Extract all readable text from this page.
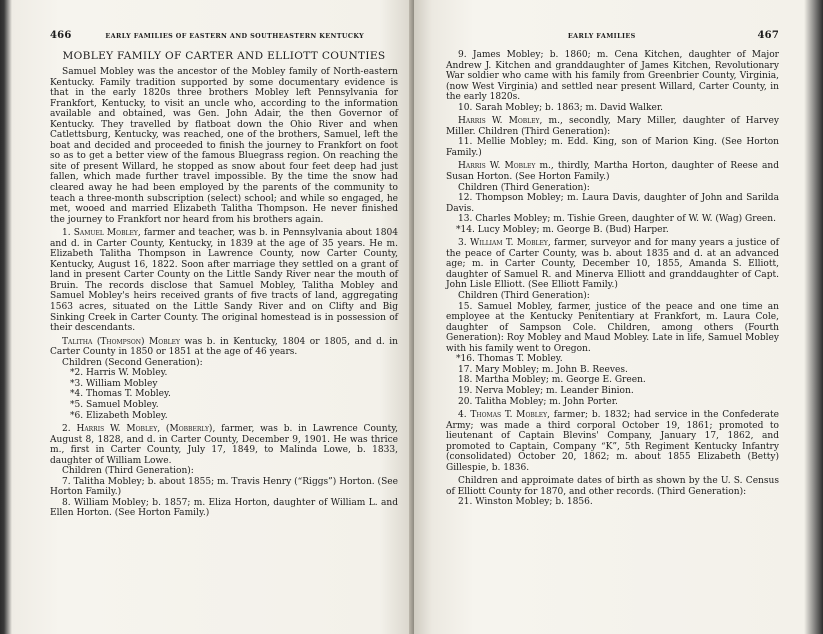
466	EARLY FAMILIES OF EASTERN AND SOUTHEASTERN KENTUCKY
MOBLEY FAMILY OF CARTER AND ELLIOTT COUNTIES

Samuel Mobley was the ancestor of the Mobley family of North-eastern Kentucky. Family tradition supported by some documentary evidence is that in the early 1820s three brothers Mobley left Pennsylvania for Frankfort, Kentucky, to visit an uncle who, according to the information available and obtained, was Gen. John Adair, the then Governor of Kentucky. They travelled by flatboat down the Ohio River and when Catlettsburg, Kentucky, was reached, one of the brothers, Samuel, left the boat and decided and proceeded to finish the journey to Frankfort on foot so as to get a better view of the famous Bluegrass region. On reaching the site of present Willard, he stopped as snow about four feet deep had just fallen, which made further travel impossible. By the time the snow had cleared away he had been employed by the parents of the community to teach a three-month subscription (select) school; and while so engaged, he met, wooed and married Elizabeth Talitha Thompson. He never finished the journey to Frankfort nor heard from his brothers again.

1. Samuel Mobley, farmer and teacher, was b. in Pennsylvania about 1804 and d. in Carter County, Kentucky, in 1839 at the age of 35 years. He m. Elizabeth Talitha Thompson in Lawrence County, now Carter County, Kentucky, August 16, 1822. Soon after marriage they settled on a grant of land in present Carter County on the Little Sandy River near the mouth of Bruin. The records disclose that Samuel Mobley, Talitha Mobley and Samuel Mobley's heirs received grants of five tracts of land, aggregating 1563 acres, situated on the Little Sandy River and on Clifty and Big Sinking Creek in Carter County. The original homestead is in possession of their descendants.

Talitha (Thompson) Mobley was b. in Kentucky, 1804 or 1805, and d. in Carter County in 1850 or 1851 at the age of 46 years.

Children (Second Generation):
*2. Harris W. Mobley.
*3. William Mobley
*4. Thomas T. Mobley.
*5. Samuel Mobley.
*6. Elizabeth Mobley.

2. Harris W. Mobley, (Mobberly), farmer, was b. in Lawrence County, August 8, 1828, and d. in Carter County, December 9, 1901. He was thrice m., first in Carter County, July 17, 1849, to Malinda Lowe, b. 1833, daughter of William Lowe.

Children (Third Generation):

7. Talitha Mobley; b. about 1855; m. Travis Henry (“Riggs”) Horton. (See Horton Family.)

8. William Mobley; b. 1857; m. Eliza Horton, daughter of William L. and Ellen Horton. (See Horton Family.)

EARLY FAMILIES	467

9. James Mobley; b. 1860; m. Cena Kitchen, daughter of Major Andrew J. Kitchen and granddaughter of James Kitchen, Revolutionary War soldier who came with his family from Greenbrier County, Virginia, (now West Virginia) and settled near present Willard, Carter County, in the early 1820s.

10. Sarah Mobley; b. 1863; m. David Walker.

Harris W. Mobley, m., secondly, Mary Miller, daughter of Harvey Miller. Children (Third Generation):

11. Mellie Mobley; m. Edd. King, son of Marion King. (See Horton Family.)

Harris W. Mobley m., thirdly, Martha Horton, daughter of Reese and Susan Horton. (See Horton Family.)

Children (Third Generation):

12. Thompson Mobley; m. Laura Davis, daughter of John and Sarilda Davis.

13. Charles Mobley; m. Tishie Green, daughter of W. W. (Wag) Green.

*14. Lucy Mobley; m. George B. (Bud) Harper.

3. William T. Mobley, farmer, surveyor and for many years a justice of the peace of Carter County, was b. about 1835 and d. at an advanced age; m. in Carter County, December 10, 1855, Amanda S. Elliott, daughter of Samuel R. and Minerva Elliott and granddaughter of Capt. John Lisle Elliott. (See Elliott Family.)

Children (Third Generation):

15. Samuel Mobley, farmer, justice of the peace and one time an employee at the Kentucky Penitentiary at Frankfort, m. Laura Cole, daughter of Sampson Cole. Children, among others (Fourth Generation): Roy Mobley and Maud Mobley. Late in life, Samuel Mobley with his family went to Oregon.

*16. Thomas T. Mobley.
17. Mary Mobley; m. John B. Reeves.
18. Martha Mobley; m. George E. Green.
19. Nerva Mobley; m. Leander Binion.
20. Talitha Mobley; m. John Porter.

4. Thomas T. Mobley, farmer; b. 1832; had service in the Confederate Army; was made a third corporal October 19, 1861; promoted to lieutenant of Captain Blevins' Company, January 17, 1862, and promoted to Captain, Company “K”, 5th Regiment Kentucky Infantry (consolidated) October 20, 1862; m. about 1855 Elizabeth (Betty) Gillespie, b. 1836.

Children and approimate dates of birth as shown by the U. S. Census of Elliott County for 1870, and other records. (Third Generation):

21. Winston Mobley; b. 1856.
